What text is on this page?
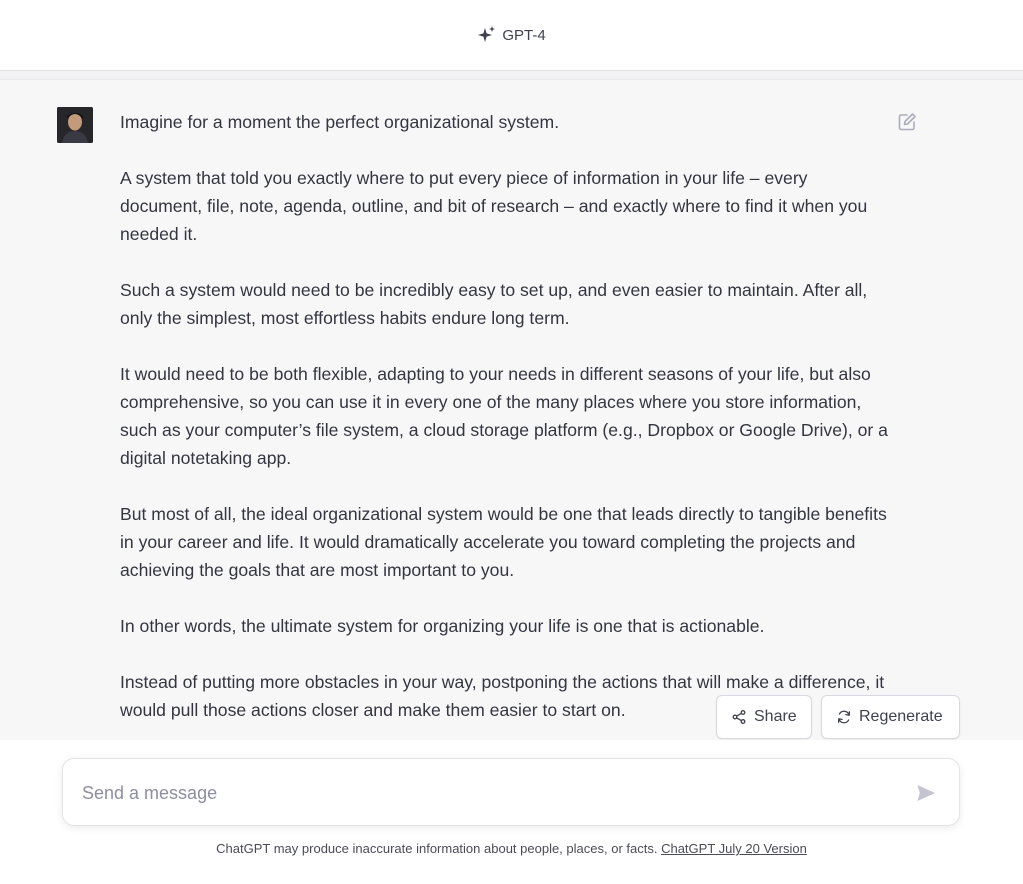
GPT-4

Imagine for a moment the perfect organizational system.

A system that told you exactly where to put every piece of information in your life – every document, file, note, agenda, outline, and bit of research – and exactly where to find it when you needed it.

Such a system would need to be incredibly easy to set up, and even easier to maintain. After all, only the simplest, most effortless habits endure long term.

It would need to be both flexible, adapting to your needs in different seasons of your life, but also comprehensive, so you can use it in every one of the many places where you store information, such as your computer’s file system, a cloud storage platform (e.g., Dropbox or Google Drive), or a digital notetaking app.

But most of all, the ideal organizational system would be one that leads directly to tangible benefits in your career and life. It would dramatically accelerate you toward completing the projects and achieving the goals that are most important to you.

In other words, the ultimate system for organizing your life is one that is actionable.

Instead of putting more obstacles in your way, postponing the actions that will make a difference, it would pull those actions closer and make them easier to start on.	Share	Regenerate
Send a message
ChatGPT may produce inaccurate information about people, places, or facts. ChatGPT July 20 Version
